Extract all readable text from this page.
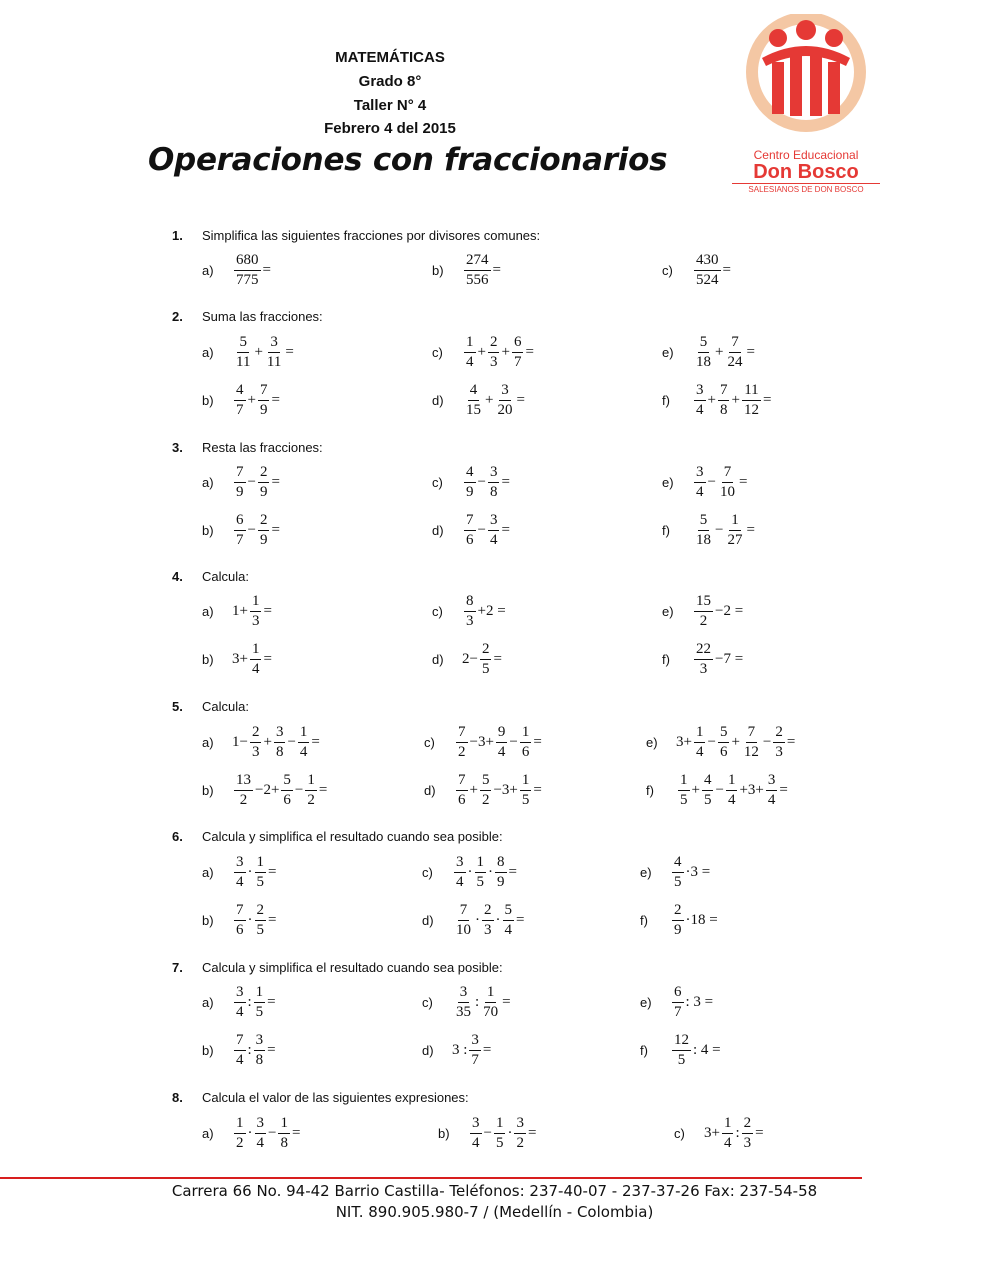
MATEMÁTICAS
Grado 8°
Taller N° 4
Febrero 4 del 2015
Operaciones con fraccionarios	Centro Educacional
Don Bosco
SALESIANOS DE DON BOSCO
1. Simplifica las siguientes fracciones por divisores comunes:
a)	$\frac{680}{775}$ =	b)	$\frac{274}{556}$ =	c)	$\frac{430}{524}$ =
2. Suma las fracciones:
a)	$\frac{5}{11} + \frac{3}{11}$ =	c)	$\frac{1}{4} + \frac{2}{3} + \frac{6}{7}$ =	e)	$\frac{5}{18} + \frac{7}{24}$ =
b)	$\frac{4}{7} + \frac{7}{9}$ =	d)	$\frac{4}{15} + \frac{3}{20}$ =	f)	$\frac{3}{4} + \frac{7}{8} + \frac{11}{12}$ =
3. Resta las fracciones:
a)	$\frac{7}{9} - \frac{2}{9}$ =	c)	$\frac{4}{9} - \frac{3}{8}$ =	e)	$\frac{3}{4} - \frac{7}{10}$ =
b)	$\frac{6}{7} - \frac{2}{9}$ =	d)	$\frac{7}{6} - \frac{3}{4}$ =	f)	$\frac{5}{18} - \frac{1}{27}$ =
4. Calcula:
a)	$1+ \frac{1}{3}$ =	c)	$\frac{8}{3} +2$ =	e)	$\frac{15}{2} -2$ =
b)	$3+ \frac{1}{4}$ =	d)	$2- \frac{2}{5}$ =	f)	$\frac{22}{3} -7$ =
5. Calcula:
a)	$1- \frac{2}{3} + \frac{3}{8} - \frac{1}{4}$ =	c)	$\frac{7}{2} -3+ \frac{9}{4} - \frac{1}{6}$ =	e)	$3+ \frac{1}{4} - \frac{5}{6} + \frac{7}{12} - \frac{2}{3}$ =
b)	$\frac{13}{2} -2+ \frac{5}{6} - \frac{1}{2}$ =	d)	$\frac{7}{6} + \frac{5}{2} -3+ \frac{1}{5}$ =	f)	$\frac{1}{5} + \frac{4}{5} - \frac{1}{4} +3+ \frac{3}{4}$ =
6. Calcula y simplifica el resultado cuando sea posible:
a)	$\frac{3}{4} \cdot \frac{1}{5}$ =	c)	$\frac{3}{4} \cdot \frac{1}{5} \cdot \frac{8}{9}$ =	e)	$\frac{4}{5} \cdot 3$ =
b)	$\frac{7}{6} \cdot \frac{2}{5}$ =	d)	$\frac{7}{10} \cdot \frac{2}{3} \cdot \frac{5}{4}$ =	f)	$\frac{2}{9} \cdot 18$ =
7. Calcula y simplifica el resultado cuando sea posible:
a)	$\frac{3}{4}$ : $\frac{1}{5}$ =	c)	$\frac{3}{35}$ : $\frac{1}{70}$ =	e)	$\frac{6}{7}$ : 3 =
b)	$\frac{7}{4}$ : $\frac{3}{8}$ =	d)	3 : $\frac{3}{7}$ =	f)	$\frac{12}{5}$ : 4 =
8. Calcula el valor de las siguientes expresiones:
a)	$\frac{1}{2} \cdot \frac{3}{4} - \frac{1}{8}$ =	b)	$\frac{3}{4} - \frac{1}{5} \cdot \frac{3}{2}$ =	c)	$3+ \frac{1}{4}$ : $\frac{2}{3}$ =
Carrera 66 No. 94-42 Barrio Castilla- Teléfonos: 237-40-07 - 237-37-26 Fax: 237-54-58
NIT. 890.905.980-7 / (Medellín - Colombia)
